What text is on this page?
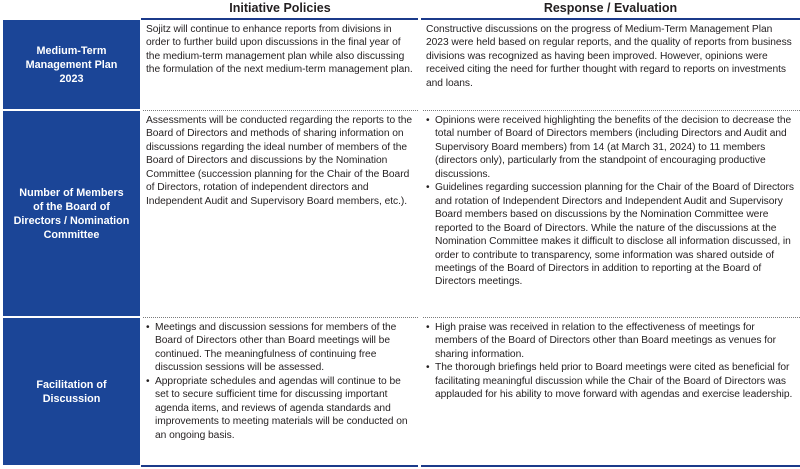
Initiative Policies	Response / Evaluation
Medium-Term Management Plan 2023

Sojitz will continue to enhance reports from divisions in order to further build upon discussions in the final year of the medium-term management plan while also discussing the formulation of the next medium-term management plan.

Constructive discussions on the progress of Medium-Term Management Plan 2023 were held based on regular reports, and the quality of reports from business divisions was recognized as having been improved. However, opinions were received citing the need for further thought with regard to reports on investments and loans.

Number of Members of the Board of Directors / Nomination Committee

Assessments will be conducted regarding the reports to the Board of Directors and methods of sharing information on discussions regarding the ideal number of members of the Board of Directors and discussions by the Nomination Committee (succession planning for the Chair of the Board of Directors, rotation of independent directors and Independent Audit and Supervisory Board members, etc.).

• Opinions were received highlighting the benefits of the decision to decrease the total number of Board of Directors members (including Directors and Audit and Supervisory Board members) from 14 (at March 31, 2024) to 11 members (directors only), particularly from the standpoint of encouraging productive discussions.
• Guidelines regarding succession planning for the Chair of the Board of Directors and rotation of Independent Directors and Independent Audit and Supervisory Board members based on discussions by the Nomination Committee were reported to the Board of Directors. While the nature of the discussions at the Nomination Committee makes it difficult to disclose all information discussed, in order to contribute to transparency, some information was shared outside of meetings of the Board of Directors in addition to reporting at the Board of Directors meetings.
Facilitation of Discussion
• Meetings and discussion sessions for members of the Board of Directors other than Board meetings will be continued. The meaningfulness of continuing free discussion sessions will be assessed.
• Appropriate schedules and agendas will continue to be set to secure sufficient time for discussing important agenda items, and reviews of agenda standards and improvements to meeting materials will be conducted on an ongoing basis.
• High praise was received in relation to the effectiveness of meetings for members of the Board of Directors other than Board meetings as venues for sharing information.
• The thorough briefings held prior to Board meetings were cited as beneficial for facilitating meaningful discussion while the Chair of the Board of Directors was applauded for his ability to move forward with agendas and exercise leadership.
